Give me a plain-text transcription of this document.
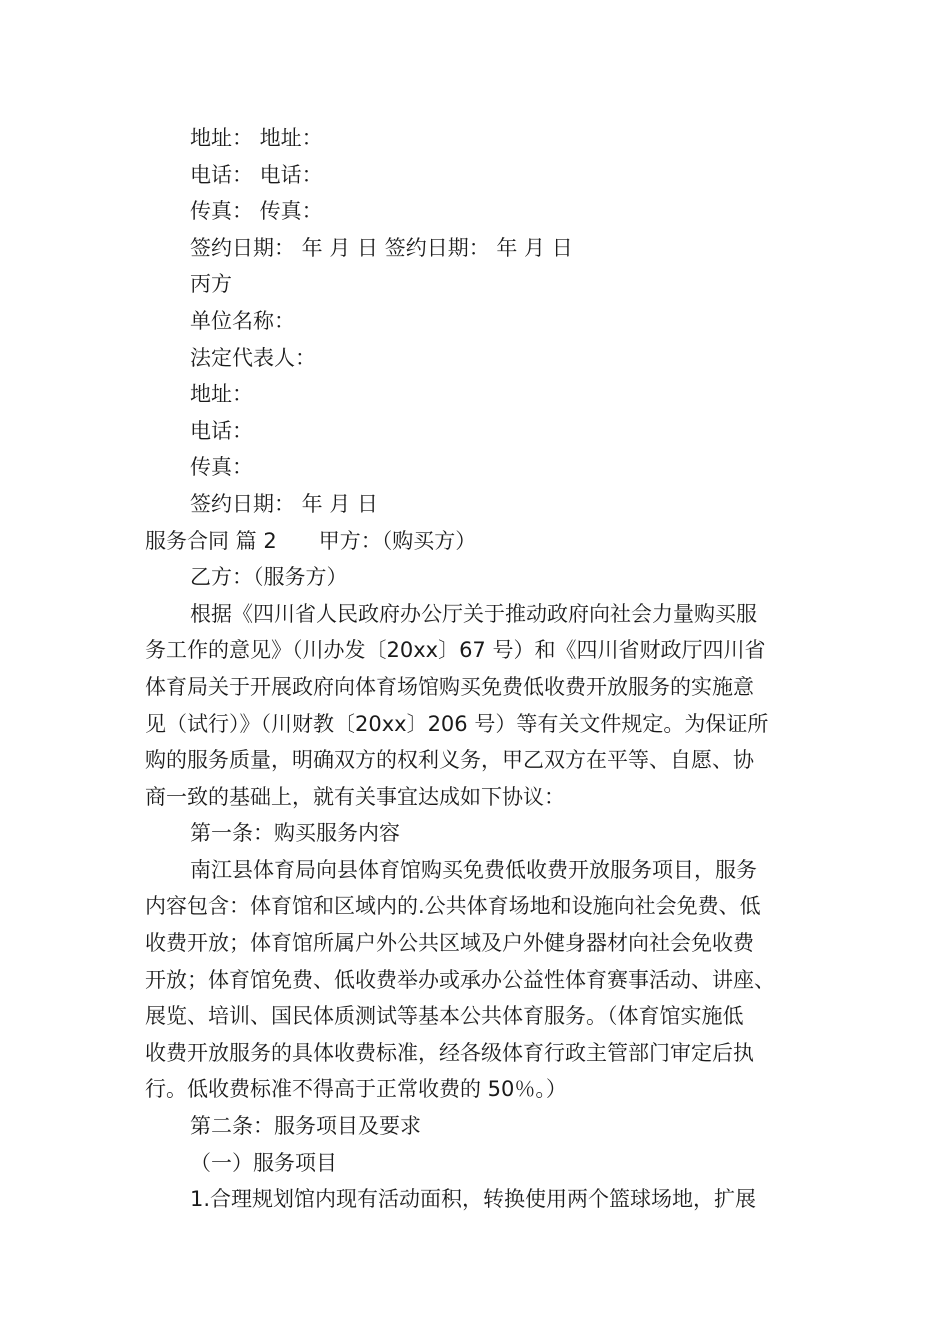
地址： 地址：
电话： 电话：
传真： 传真：
签约日期： 年 月 日 签约日期： 年 月 日
丙方
单位名称：
法定代表人：
地址：
电话：
传真：
签约日期： 年 月 日
服务合同 篇 2　　甲方：（购买方）
乙方：（服务方）
根据《四川省人民政府办公厅关于推动政府向社会力量购买服
务工作的意见》（川办发〔20xx〕67 号）和《四川省财政厅四川省
体育局关于开展政府向体育场馆购买免费低收费开放服务的实施意
见（试行）》（川财教〔20xx〕206 号）等有关文件规定。为保证所
购的服务质量，明确双方的权利义务，甲乙双方在平等、自愿、协
商一致的基础上，就有关事宜达成如下协议：
第一条：购买服务内容
南江县体育局向县体育馆购买免费低收费开放服务项目，服务
内容包含：体育馆和区域内的.公共体育场地和设施向社会免费、低
收费开放；体育馆所属户外公共区域及户外健身器材向社会免收费
开放；体育馆免费、低收费举办或承办公益性体育赛事活动、讲座、
展览、培训、国民体质测试等基本公共体育服务。（体育馆实施低
收费开放服务的具体收费标准，经各级体育行政主管部门审定后执
行。低收费标准不得高于正常收费的 50％。）
第二条：服务项目及要求
（一）服务项目
1.合理规划馆内现有活动面积，转换使用两个篮球场地，扩展
